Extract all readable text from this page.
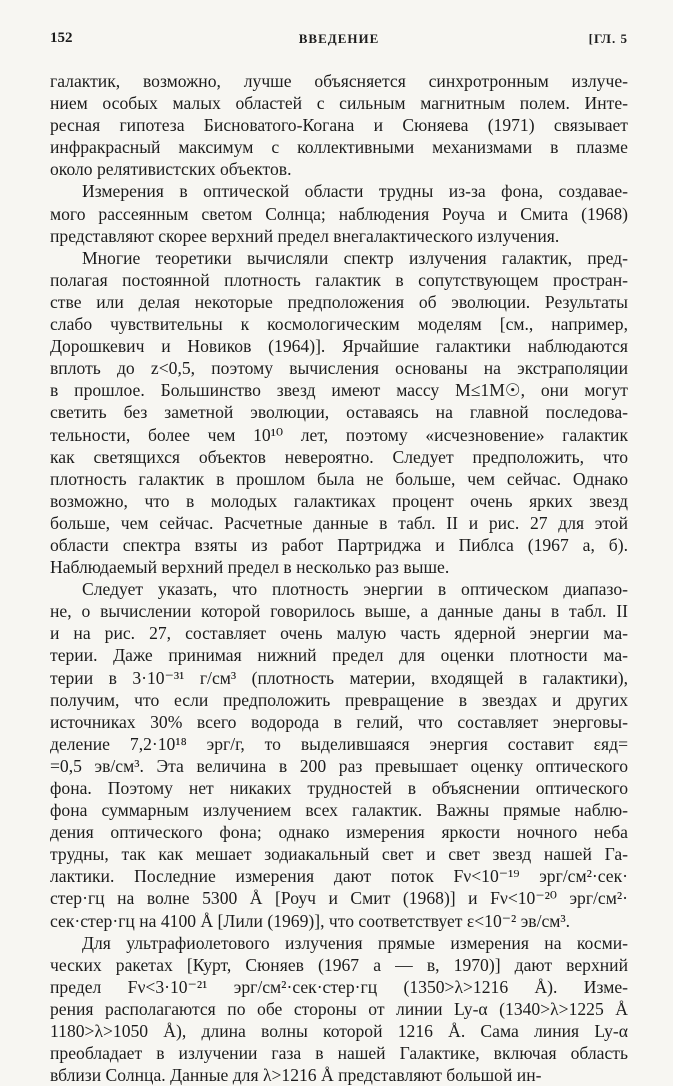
152	ВВЕДЕНИЕ	[ГЛ. 5
галактик, возможно, лучше объясняется синхротронным излуче-
нием особых малых областей с сильным магнитным полем. Инте-
ресная гипотеза Бисноватого-Когана и Сюняева (1971) связывает
инфракрасный максимум с коллективными механизмами в плазме
около релятивистских объектов.
Измерения в оптической области трудны из-за фона, создавае-
мого рассеянным светом Солнца; наблюдения Роуча и Смита (1968)
представляют скорее верхний предел внегалактического излучения.
Многие теоретики вычисляли спектр излучения галактик, пред-
полагая постоянной плотность галактик в сопутствующем простран-
стве или делая некоторые предположения об эволюции. Результаты
слабо чувствительны к космологическим моделям [см., например,
Дорошкевич и Новиков (1964)]. Ярчайшие галактики наблюдаются
вплоть до z<0,5, поэтому вычисления основаны на экстраполяции
в прошлое. Большинство звезд имеют массу M≤1M☉, они могут
светить без заметной эволюции, оставаясь на главной последова-
тельности, более чем 10¹⁰ лет, поэтому «исчезновение» галактик
как светящихся объектов невероятно. Следует предположить, что
плотность галактик в прошлом была не больше, чем сейчас. Однако
возможно, что в молодых галактиках процент очень ярких звезд
больше, чем сейчас. Расчетные данные в табл. II и рис. 27 для этой
области спектра взяты из работ Партриджа и Пиблса (1967 а, б).
Наблюдаемый верхний предел в несколько раз выше.
Следует указать, что плотность энергии в оптическом диапазо-
не, о вычислении которой говорилось выше, а данные даны в табл. II
и на рис. 27, составляет очень малую часть ядерной энергии ма-
терии. Даже принимая нижний предел для оценки плотности ма-
терии в 3·10⁻³¹ г/см³ (плотность материи, входящей в галактики),
получим, что если предположить превращение в звездах и других
источниках 30% всего водорода в гелий, что составляет энерговы-
деление 7,2·10¹⁸ эрг/г, то выделившаяся энергия составит εяд=
=0,5 эв/см³. Эта величина в 200 раз превышает оценку оптического
фона. Поэтому нет никаких трудностей в объяснении оптического
фона суммарным излучением всех галактик. Важны прямые наблю-
дения оптического фона; однако измерения яркости ночного неба
трудны, так как мешает зодиакальный свет и свет звезд нашей Га-
лактики. Последние измерения дают поток Fν<10⁻¹⁹ эрг/см²·сек·
стер·гц на волне 5300 Å [Роуч и Смит (1968)] и Fν<10⁻²⁰ эрг/см²·
сек·стер·гц на 4100 Å [Лили (1969)], что соответствует ε<10⁻² эв/см³.
Для ультрафиолетового излучения прямые измерения на косми-
ческих ракетах [Курт, Сюняев (1967 а — в, 1970)] дают верхний
предел Fν<3·10⁻²¹ эрг/см²·сек·стер·гц (1350>λ>1216 Å). Изме-
рения располагаются по обе стороны от линии Ly-α (1340>λ>1225 Å
1180>λ>1050 Å), длина волны которой 1216 Å. Сама линия Ly-α
преобладает в излучении газа в нашей Галактике, включая область
вблизи Солнца. Данные для λ>1216 Å представляют большой ин-
